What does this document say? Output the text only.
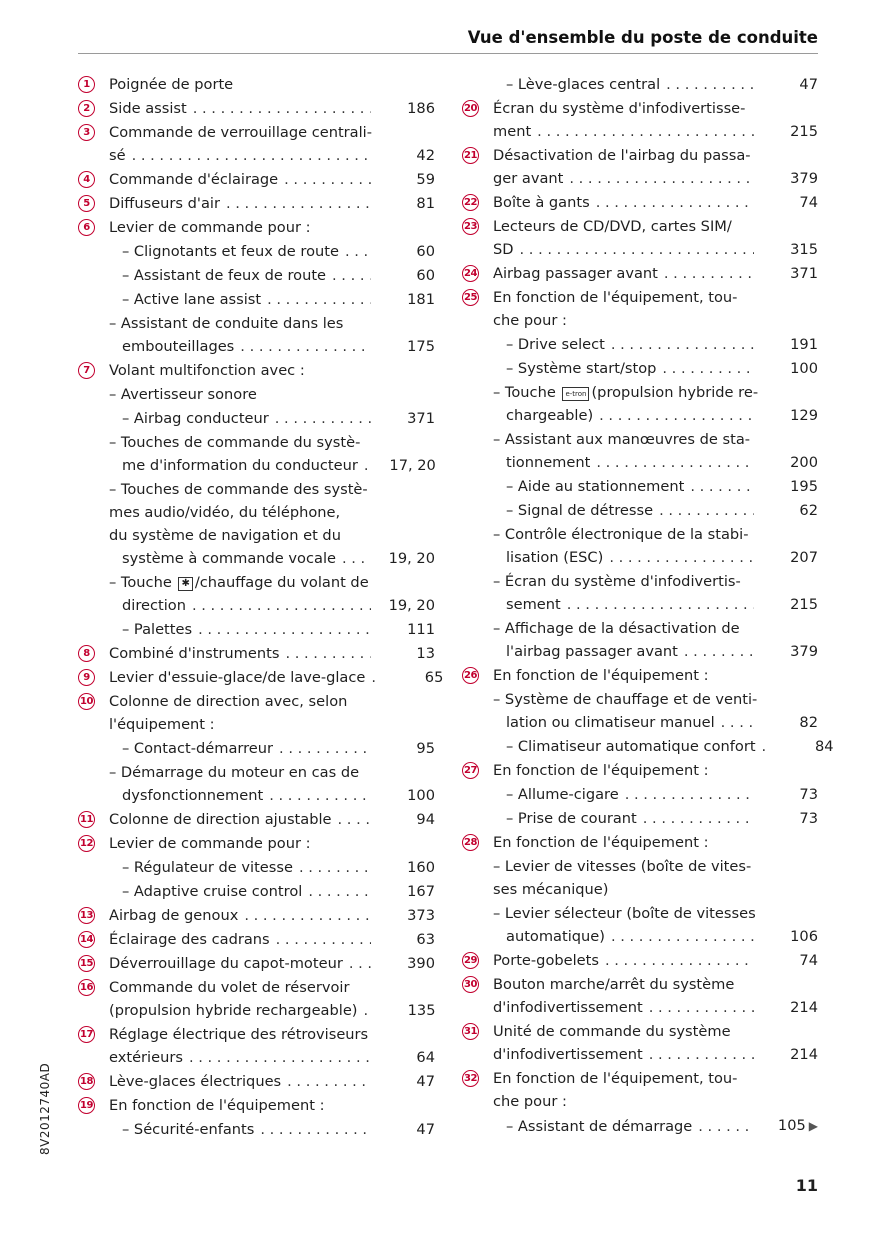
Vue d'ensemble du poste de conduite
1	Poignée de porte
2	Side assist . . .	186
3	Commande de verrouillage centrali-
sé . . .	42
4	Commande d'éclairage . . .	59
5	Diffuseurs d'air . . .	81
6	Levier de commande pour :
– Clignotants et feux de route . . .	60
– Assistant de feux de route . . .	60
– Active lane assist . . .	181
– Assistant de conduite dans les
embouteillages . . .	175
7	Volant multifonction avec :
– Avertisseur sonore
– Airbag conducteur . . .	371
– Touches de commande du systè-
me d'information du conducteur . . .	17, 20
– Touches de commande des systè-
mes audio/vidéo, du téléphone,
du système de navigation et du
système à commande vocale . . .	19, 20
– Touche ✱ /chauffage du volant de
direction . . .	19, 20
– Palettes . . .	111
8	Combiné d'instruments . . .	13
9	Levier d'essuie-glace/de lave-glace . . .	65
10 Colonne de direction avec, selon
l'équipement :
– Contact-démarreur . . .	95
– Démarrage du moteur en cas de
dysfonctionnement . . .	100
11 Colonne de direction ajustable . . .	94
12 Levier de commande pour :
– Régulateur de vitesse . . .	160
– Adaptive cruise control . . .	167
13 Airbag de genoux . . .	373
14 Éclairage des cadrans . . .	63
15 Déverrouillage du capot-moteur . . .	390
16 Commande du volet de réservoir
(propulsion hybride rechargeable) . . .	135
17 Réglage électrique des rétroviseurs
extérieurs . . .	64
18 Lève-glaces électriques . . .	47
19 En fonction de l'équipement :
– Sécurité-enfants . . .	47
– Lève-glaces central . . .	47
20 Écran du système d'infodivertisse-
ment . . .	215
21 Désactivation de l'airbag du passa-
ger avant . . .	379
22 Boîte à gants . . .	74
23 Lecteurs de CD/DVD, cartes SIM/
SD . . .	315
24 Airbag passager avant . . .	371
25 En fonction de l'équipement, tou-
che pour :
– Drive select . . .	191
– Système start/stop . . .	100
– Touche e-tron (propulsion hybride re-
chargeable) . . .	129
– Assistant aux manœuvres de sta-
tionnement . . .	200
– Aide au stationnement . . .	195
– Signal de détresse . . .	62
– Contrôle électronique de la stabi-
lisation (ESC) . . .	207
– Écran du système d'infodivertis-
sement . . .	215
– Affichage de la désactivation de
l'airbag passager avant . . .	379
26 En fonction de l'équipement :
– Système de chauffage et de venti-
lation ou climatiseur manuel . . .	82
– Climatiseur automatique confort . . .	84
27 En fonction de l'équipement :
– Allume-cigare . . .	73
– Prise de courant . . .	73
28 En fonction de l'équipement :
– Levier de vitesses (boîte de vites-
ses mécanique)
– Levier sélecteur (boîte de vitesses
automatique) . . .	106
29 Porte-gobelets . . .	74
30 Bouton marche/arrêt du système
d'infodivertissement . . .	214
31 Unité de commande du système
d'infodivertissement . . .	214
32 En fonction de l'équipement, tou-
che pour :
– Assistant de démarrage . . .	105 ▶
8V2012740AD
11
